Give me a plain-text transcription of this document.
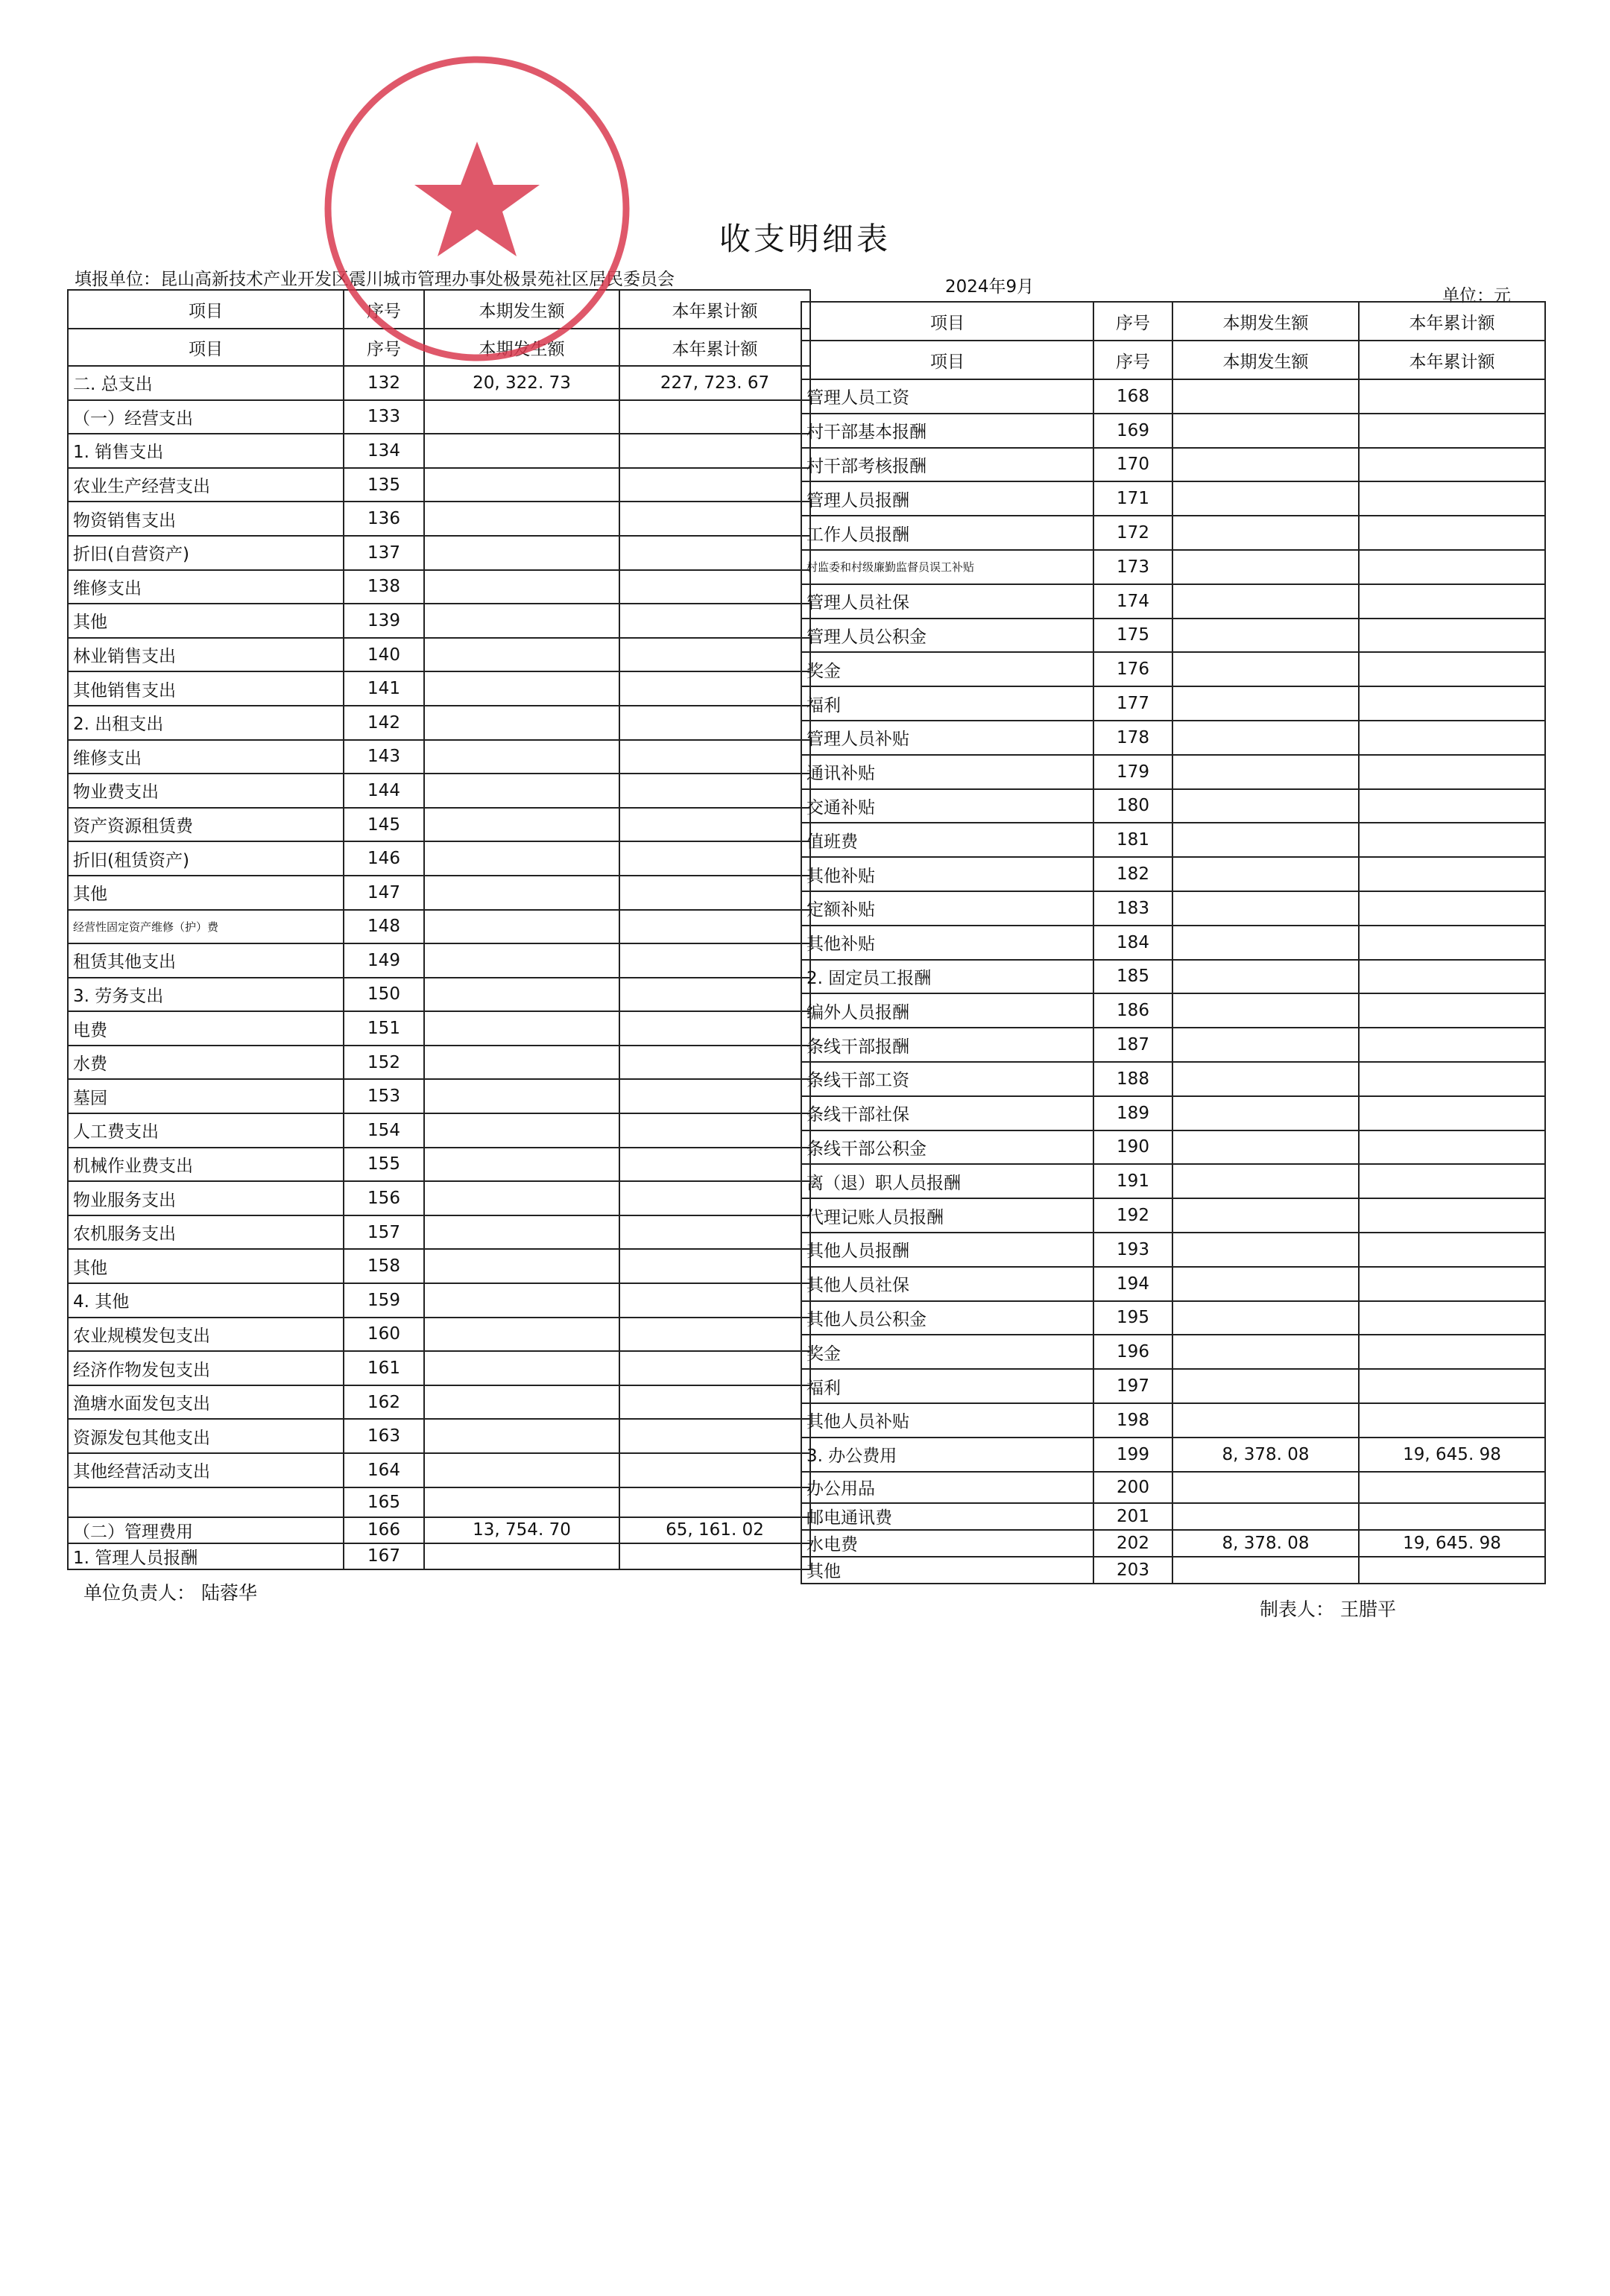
收支明细表
填报单位：昆山高新技术产业开发区震川城市管理办事处极景苑社区居民委员会	2024年9月	单位：元
项目	序号	本期发生额	本年累计额
项目	序号	本期发生额	本年累计额
二. 总支出	132	20, 322. 73	227, 723. 67
（一）经营支出	133		
1. 销售支出	134		
农业生产经营支出	135		
物资销售支出	136		
折旧(自营资产)	137		
维修支出	138		
其他	139		
林业销售支出	140		
其他销售支出	141		
2. 出租支出	142		
维修支出	143		
物业费支出	144		
资产资源租赁费	145		
折旧(租赁资产)	146		
其他	147		
经营性固定资产维修（护）费	148		
租赁其他支出	149		
3. 劳务支出	150		
电费	151		
水费	152		
墓园	153		
人工费支出	154		
机械作业费支出	155		
物业服务支出	156		
农机服务支出	157		
其他	158		
4. 其他	159		
农业规模发包支出	160		
经济作物发包支出	161		
渔塘水面发包支出	162		
资源发包其他支出	163		
其他经营活动支出	164		
	165		
（二）管理费用	166	13, 754. 70	65, 161. 02
1. 管理人员报酬	167		
项目	序号	本期发生额	本年累计额
项目	序号	本期发生额	本年累计额
管理人员工资	168		
村干部基本报酬	169		
村干部考核报酬	170		
管理人员报酬	171		
工作人员报酬	172		
村监委和村级廉勤监督员误工补贴	173		
管理人员社保	174		
管理人员公积金	175		
奖金	176		
福利	177		
管理人员补贴	178		
通讯补贴	179		
交通补贴	180		
值班费	181		
其他补贴	182		
定额补贴	183		
其他补贴	184		
2. 固定员工报酬	185		
编外人员报酬	186		
条线干部报酬	187		
条线干部工资	188		
条线干部社保	189		
条线干部公积金	190		
离（退）职人员报酬	191		
代理记账人员报酬	192		
其他人员报酬	193		
其他人员社保	194		
其他人员公积金	195		
奖金	196		
福利	197		
其他人员补贴	198		
3. 办公费用	199	8, 378. 08	19, 645. 98
办公用品	200		
邮电通讯费	201		
水电费	202	8, 378. 08	19, 645. 98
其他	203		
单位负责人： 陆蓉华
制表人： 王腊平
